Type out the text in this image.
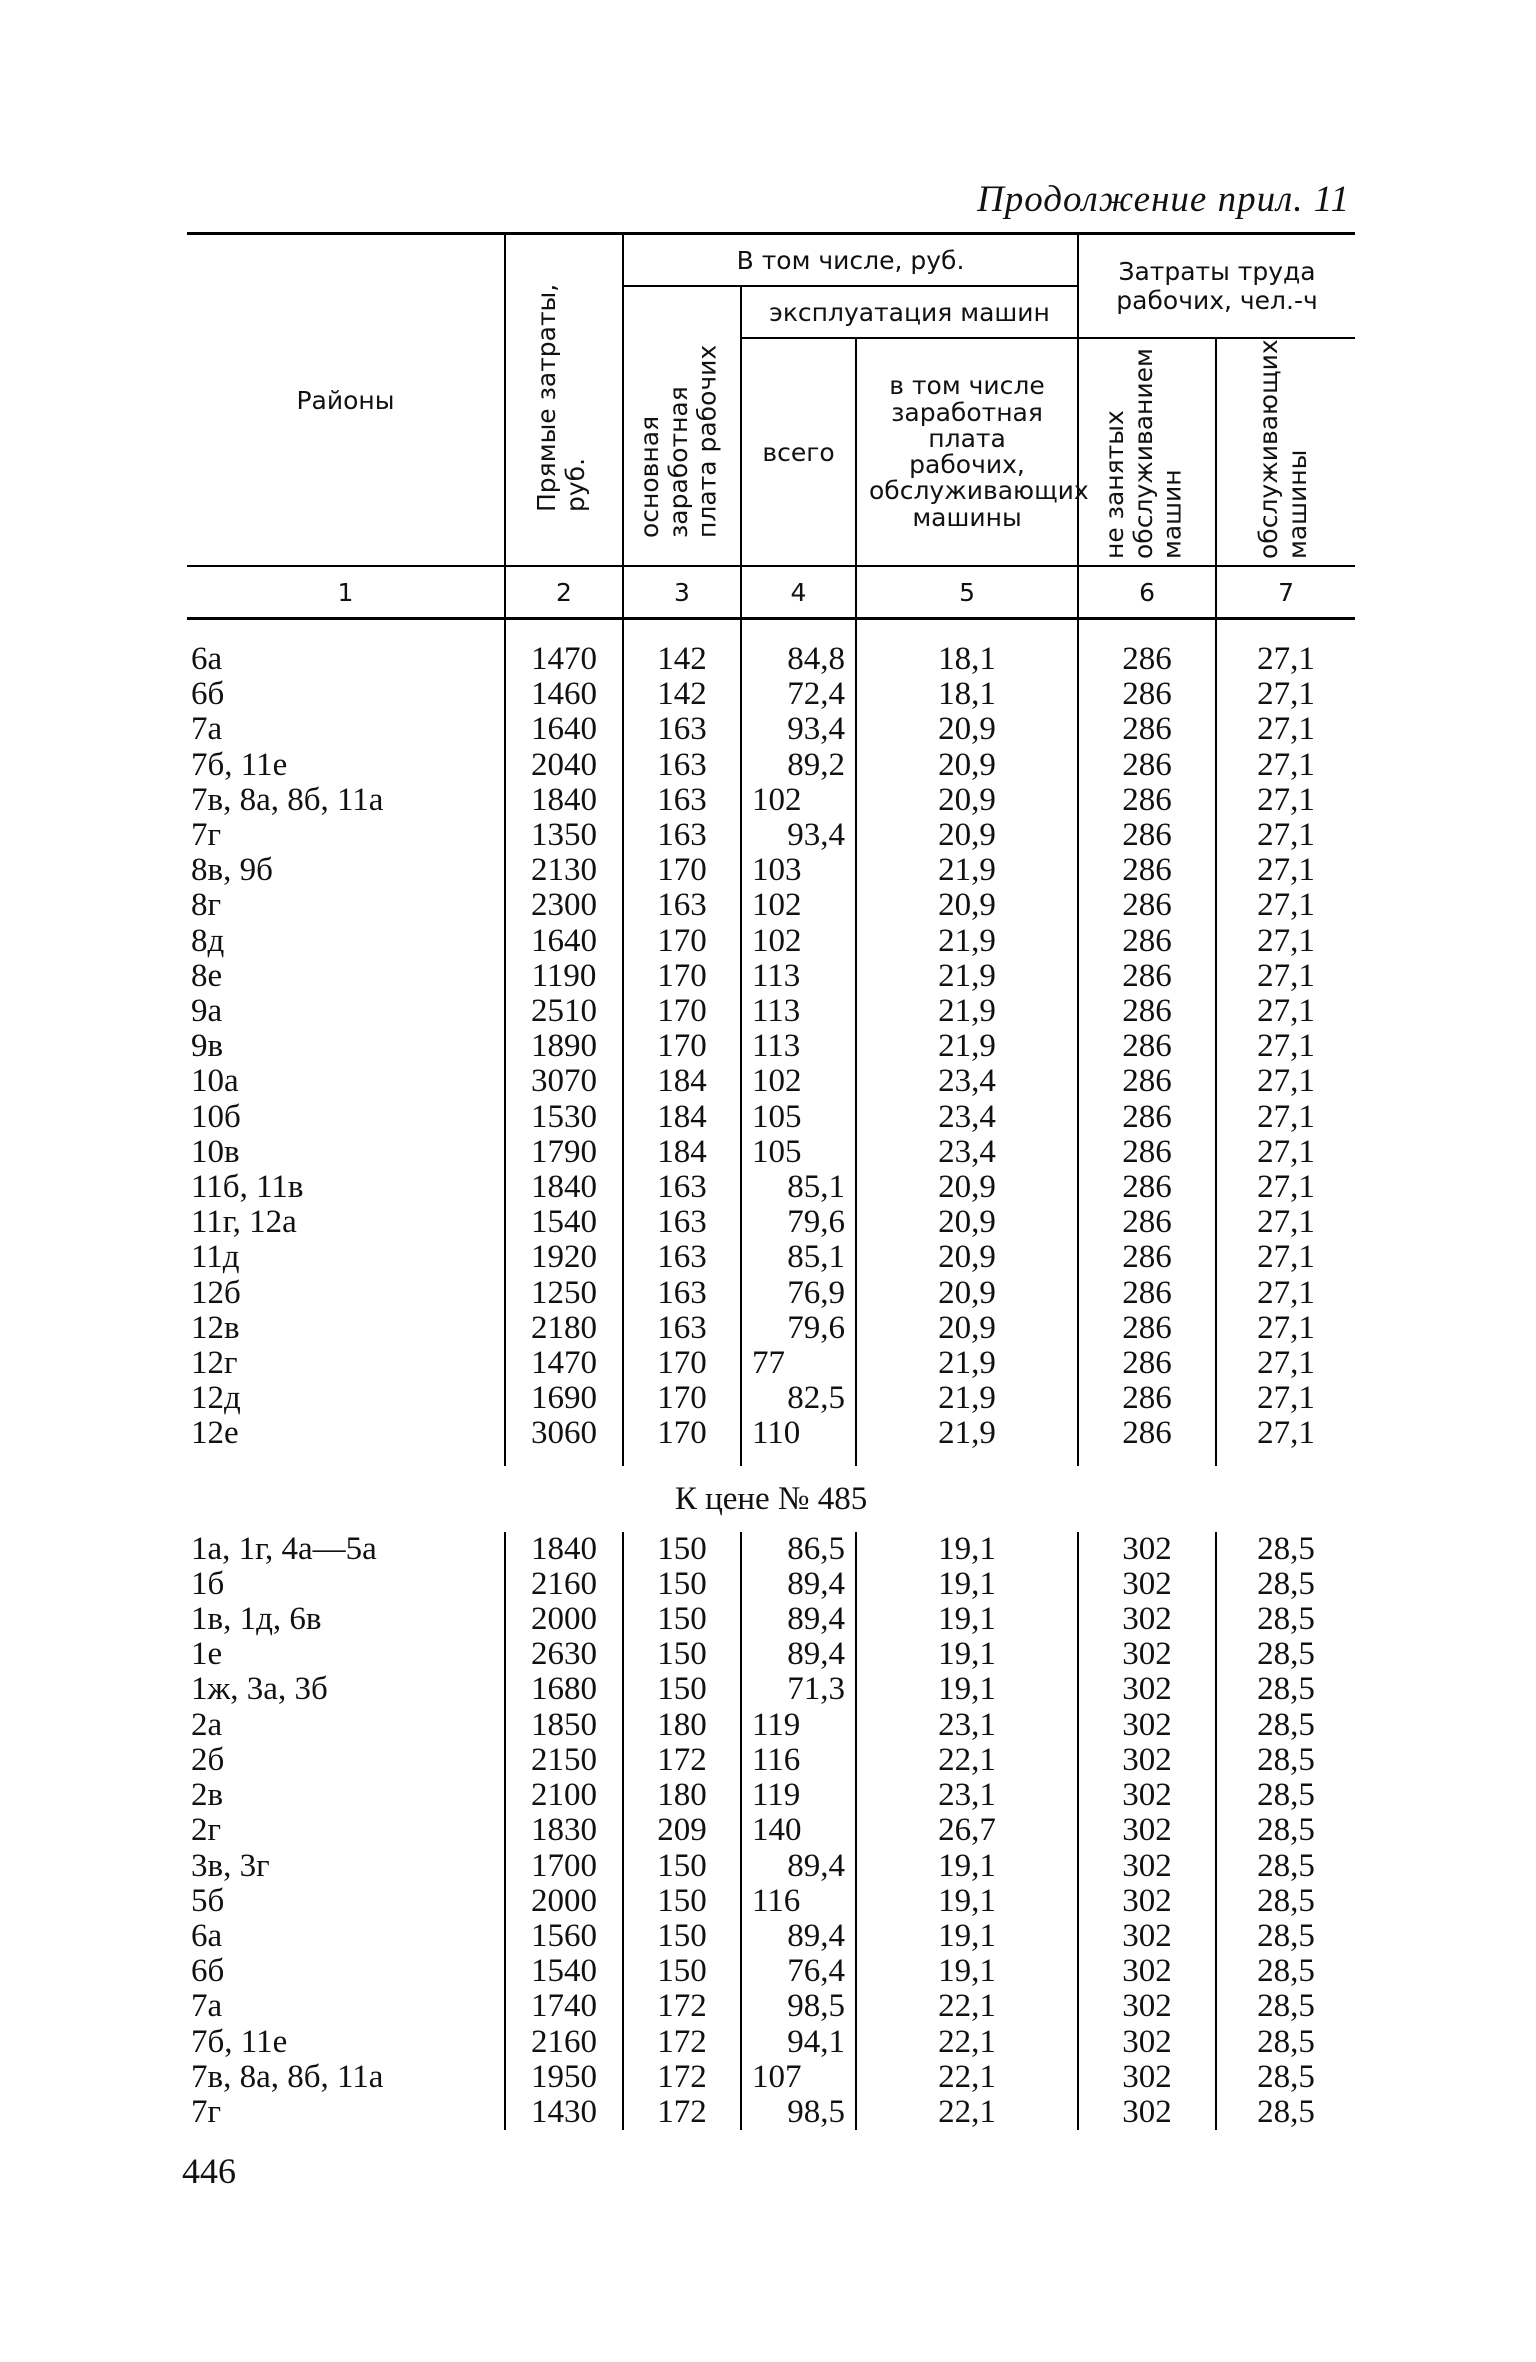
Продолжение прил. 11
Районы	Прямые затраты, руб.	В том числе, руб.			Затраты труда рабочих, чел.-ч	
		основная заработная плата рабочих	эксплуатация машин			
			всего	в том числе заработная плата рабочих, обслуживающих машины	не занятых обслуживанием машин	обслуживающих машины
1	2	3	4	5	6	7

6а	1470	142	84,8	18,1	286	27,1
6б	1460	142	72,4	18,1	286	27,1
7а	1640	163	93,4	20,9	286	27,1
7б, 11е	2040	163	89,2	20,9	286	27,1
7в, 8а, 8б, 11а	1840	163	102	20,9	286	27,1
7г	1350	163	93,4	20,9	286	27,1
8в, 9б	2130	170	103	21,9	286	27,1
8г	2300	163	102	20,9	286	27,1
8д	1640	170	102	21,9	286	27,1
8е	1190	170	113	21,9	286	27,1
9а	2510	170	113	21,9	286	27,1
9в	1890	170	113	21,9	286	27,1
10а	3070	184	102	23,4	286	27,1
10б	1530	184	105	23,4	286	27,1
10в	1790	184	105	23,4	286	27,1
11б, 11в	1840	163	85,1	20,9	286	27,1
11г, 12а	1540	163	79,6	20,9	286	27,1
11д	1920	163	85,1	20,9	286	27,1
12б	1250	163	76,9	20,9	286	27,1
12в	2180	163	79,6	20,9	286	27,1
12г	1470	170	77	21,9	286	27,1
12д	1690	170	82,5	21,9	286	27,1
12е	3060	170	110	21,9	286	27,1

К цене № 485						
1а, 1г, 4а—5а	1840	150	86,5	19,1	302	28,5
1б	2160	150	89,4	19,1	302	28,5
1в, 1д, 6в	2000	150	89,4	19,1	302	28,5
1е	2630	150	89,4	19,1	302	28,5
1ж, 3а, 3б	1680	150	71,3	19,1	302	28,5
2а	1850	180	119	23,1	302	28,5
2б	2150	172	116	22,1	302	28,5
2в	2100	180	119	23,1	302	28,5
2г	1830	209	140	26,7	302	28,5
3в, 3г	1700	150	89,4	19,1	302	28,5
5б	2000	150	116	19,1	302	28,5
6а	1560	150	89,4	19,1	302	28,5
6б	1540	150	76,4	19,1	302	28,5
7а	1740	172	98,5	22,1	302	28,5
7б, 11е	2160	172	94,1	22,1	302	28,5
7в, 8а, 8б, 11а	1950	172	107	22,1	302	28,5
7г	1430	172	98,5	22,1	302	28,5
446
